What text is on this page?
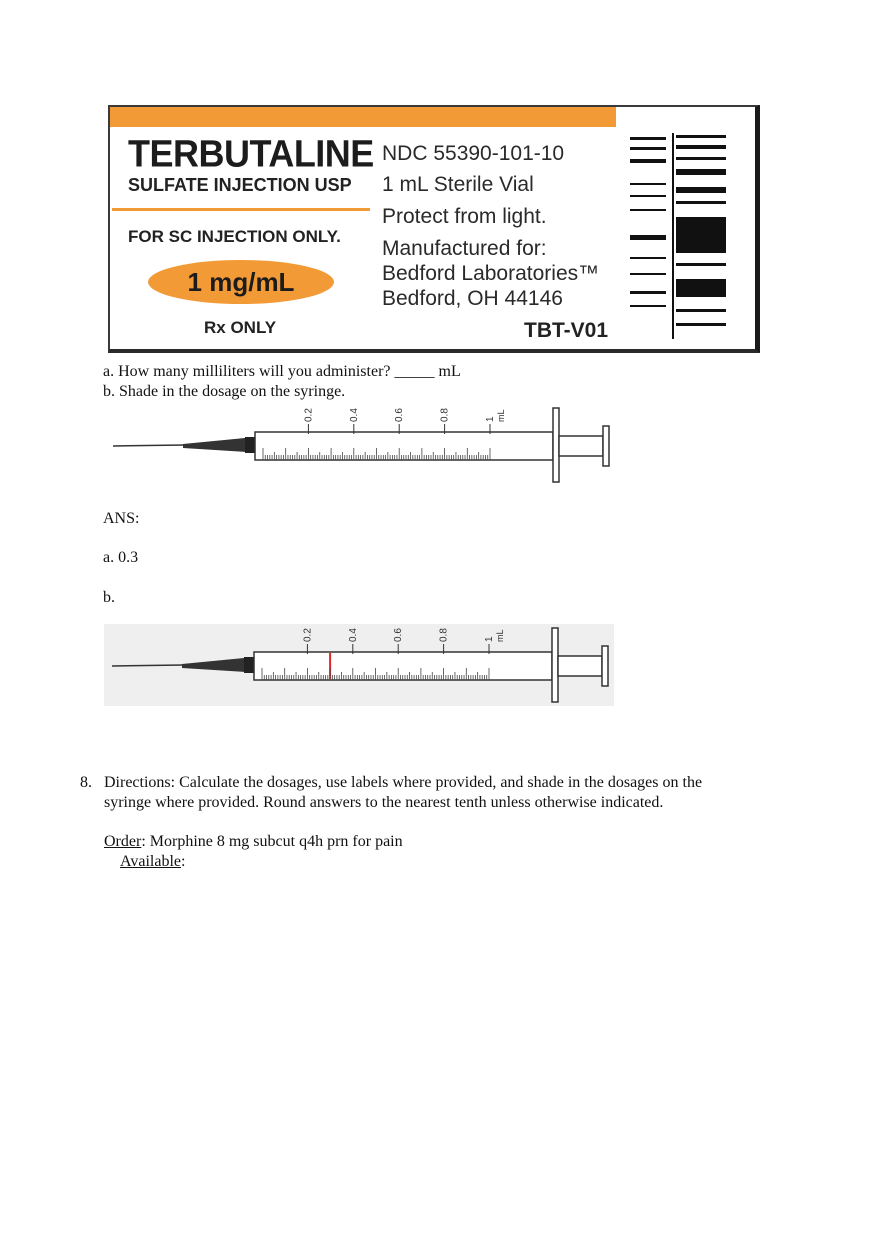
TERBUTALINE
SULFATE INJECTION USP
FOR SC INJECTION ONLY.
1 mg/mL
Rx ONLY
NDC 55390-101-10
1 mL Sterile Vial
Protect from light.
Manufactured for:
Bedford Laboratories™
Bedford, OH 44146
TBT-V01
a. How many milliliters will you administer? _____ mL
b. Shade in the dosage on the syringe.
0.2	0.4	0.6	0.8	1 mL
ANS:
a. 0.3
b.
0.2	0.4	0.6	0.8	1 mL
8. Directions: Calculate the dosages, use labels where provided, and shade in the dosages on the
syringe where provided. Round answers to the nearest tenth unless otherwise indicated.
Order: Morphine 8 mg subcut q4h prn for pain
Available:
